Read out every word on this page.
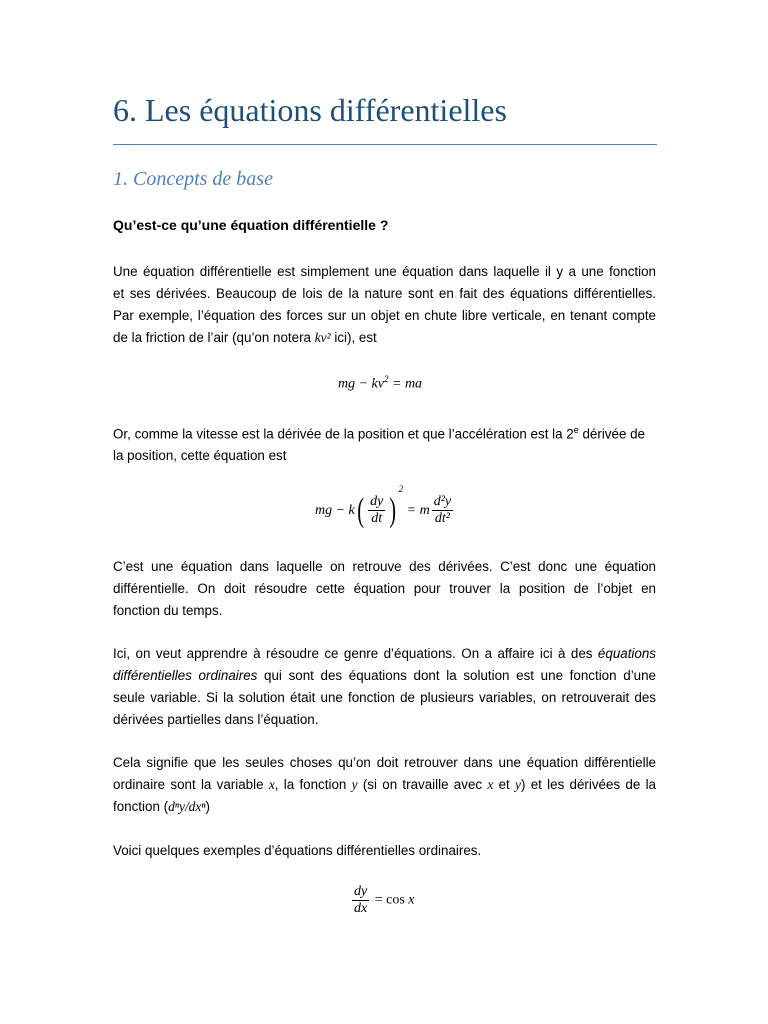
6. Les équations différentielles
1. Concepts de base
Qu’est-ce qu’une équation différentielle ?
Une équation différentielle est simplement une équation dans laquelle il y a une fonction
et ses dérivées. Beaucoup de lois de la nature sont en fait des équations différentielles.
Par exemple, l’équation des forces sur un objet en chute libre verticale, en tenant compte
de la friction de l’air (qu’on notera kv² ici), est
mg − $kv^2$ = ma
Or, comme la vitesse est la dérivée de la position et que l’accélération est la 2e dérivée de
la position, cette équation est
mg − $k( \frac{dy}{dt} )^2 = m \frac{\text{d²y}}{\text{dt²}}$
C’est une équation dans laquelle on retrouve des dérivées. C’est donc une équation
différentielle. On doit résoudre cette équation pour trouver la position de l’objet en
fonction du temps.
Ici, on veut apprendre à résoudre ce genre d’équations. On a affaire ici à des équations
différentielles ordinaires qui sont des équations dont la solution est une fonction d’une
seule variable. Si la solution était une fonction de plusieurs variables, on retrouverait des
dérivées partielles dans l’équation.
Cela signifie que les seules choses qu’on doit retrouver dans une équation différentielle
ordinaire sont la variable x, la fonction y (si on travaille avec x et y) et les dérivées de la
fonction (dⁿy/dxⁿ)
Voici quelques exemples d’équations différentielles ordinaires.
$\frac{dy}{dx} = \cos x$
